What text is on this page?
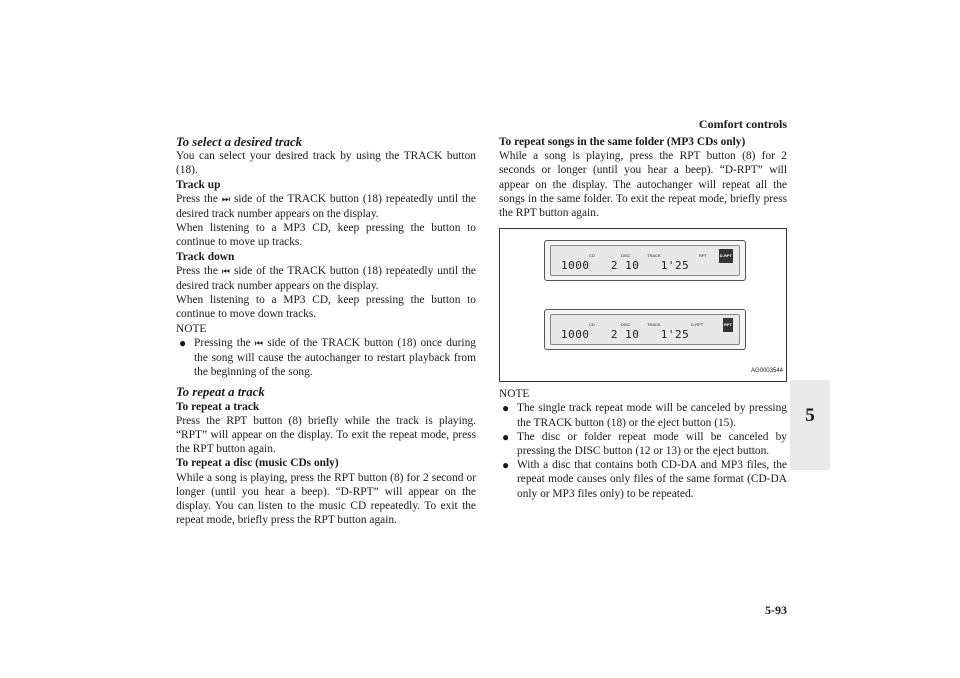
Comfort controls
5

To select a desired track

You can select your desired track by using the TRACK button (18).

Track up

Press the ⏭ side of the TRACK button (18) repeatedly until the desired track number appears on the display.

When listening to a MP3 CD, keep pressing the button to continue to move up tracks.

Track down

Press the ⏮ side of the TRACK button (18) repeatedly until the desired track number appears on the display.

When listening to a MP3 CD, keep pressing the button to continue to move down tracks.

NOTE

● Pressing the ⏮ side of the TRACK button (18) once during the song will cause the autochanger to restart playback from the beginning of the song.

To repeat a track

To repeat a track

Press the RPT button (8) briefly while the track is playing. “RPT” will appear on the display. To exit the repeat mode, press the RPT button again.

To repeat a disc (music CDs only)

While a song is playing, press the RPT button (8) for 2 second or longer (until you hear a beep). “D-RPT” will appear on the display. You can listen to the music CD repeatedly. To exit the repeat mode, briefly press the RPT button again.

To repeat songs in the same folder (MP3 CDs only)

While a song is playing, press the RPT button (8) for 2 seconds or longer (until you hear a beep). “D-RPT” will appear on the display. The autochanger will repeat all the songs in the same folder. To exit the repeat mode, briefly press the RPT button again.

CD	DISC	TRACK	RPT
1000   2 10   1'25
D-RPT
CD	DISC	TRACK	D-RPT
1000   2 10   1'25
RPT
AG0003544

NOTE

● The single track repeat mode will be canceled by pressing the TRACK button (18) or the eject button (15).

● The disc or folder repeat mode will be canceled by pressing the DISC button (12 or 13) or the eject button.

● With a disc that contains both CD-DA and MP3 files, the repeat mode causes only files of the same format (CD-DA only or MP3 files only) to be repeated.

5-93
